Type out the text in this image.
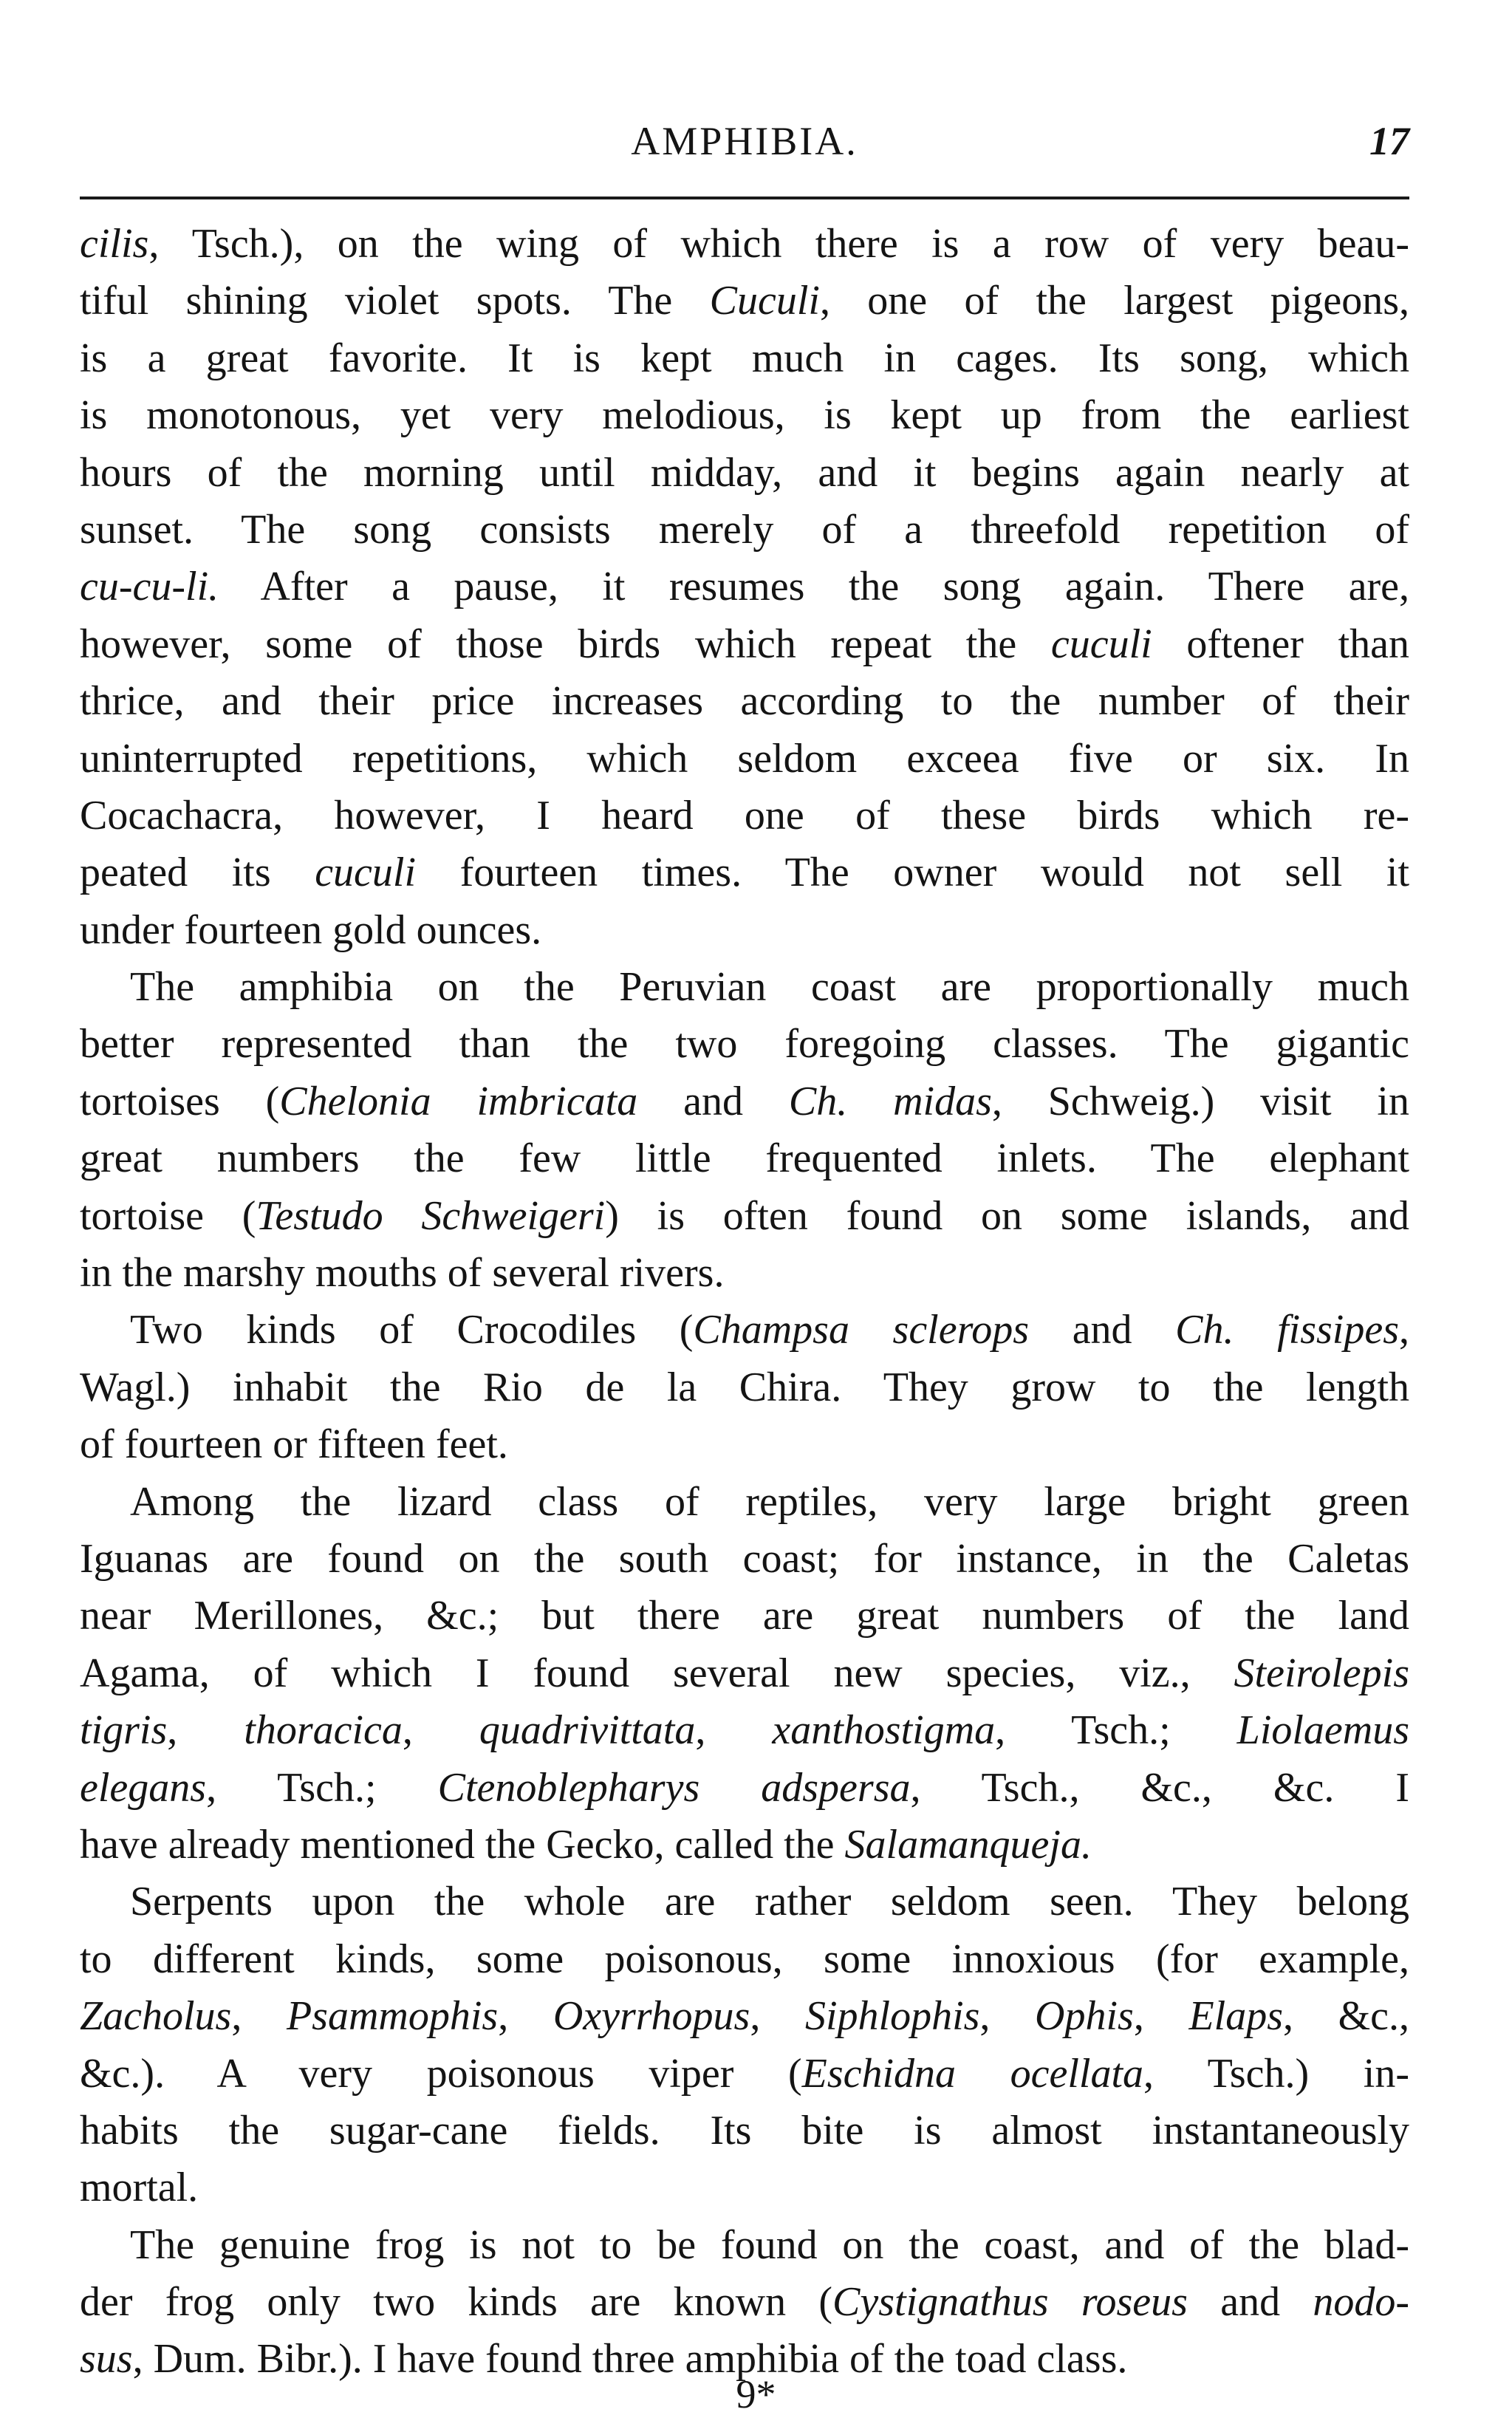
AMPHIBIA.	17
cilis, Tsch.), on the wing of which there is a row of very beau-
tiful shining violet spots. The Cuculi, one of the largest pigeons,
is a great favorite. It is kept much in cages. Its song, which
is monotonous, yet very melodious, is kept up from the earliest
hours of the morning until midday, and it begins again nearly at
sunset. The song consists merely of a threefold repetition of
cu-cu-li. After a pause, it resumes the song again. There are,
however, some of those birds which repeat the cuculi oftener than
thrice, and their price increases according to the number of their
uninterrupted repetitions, which seldom exceea five or six. In
Cocachacra, however, I heard one of these birds which re-
peated its cuculi fourteen times. The owner would not sell it
under fourteen gold ounces.
The amphibia on the Peruvian coast are proportionally much
better represented than the two foregoing classes. The gigantic
tortoises (Chelonia imbricata and Ch. midas, Schweig.) visit in
great numbers the few little frequented inlets. The elephant
tortoise (Testudo Schweigeri) is often found on some islands, and
in the marshy mouths of several rivers.
Two kinds of Crocodiles (Champsa sclerops and Ch. fissipes,
Wagl.) inhabit the Rio de la Chira. They grow to the length
of fourteen or fifteen feet.
Among the lizard class of reptiles, very large bright green
Iguanas are found on the south coast; for instance, in the Caletas
near Merillones, &c.; but there are great numbers of the land
Agama, of which I found several new species, viz., Steirolepis
tigris, thoracica, quadrivittata, xanthostigma, Tsch.; Liolaemus
elegans, Tsch.; Ctenoblepharys adspersa, Tsch., &c., &c. I
have already mentioned the Gecko, called the Salamanqueja.
Serpents upon the whole are rather seldom seen. They belong
to different kinds, some poisonous, some innoxious (for example,
Zacholus, Psammophis, Oxyrrhopus, Siphlophis, Ophis, Elaps, &c.,
&c.). A very poisonous viper (Eschidna ocellata, Tsch.) in-
habits the sugar-cane fields. Its bite is almost instantaneously
mortal.
The genuine frog is not to be found on the coast, and of the blad-
der frog only two kinds are known (Cystignathus roseus and nodo-
sus, Dum. Bibr.). I have found three amphibia of the toad class.
9*
